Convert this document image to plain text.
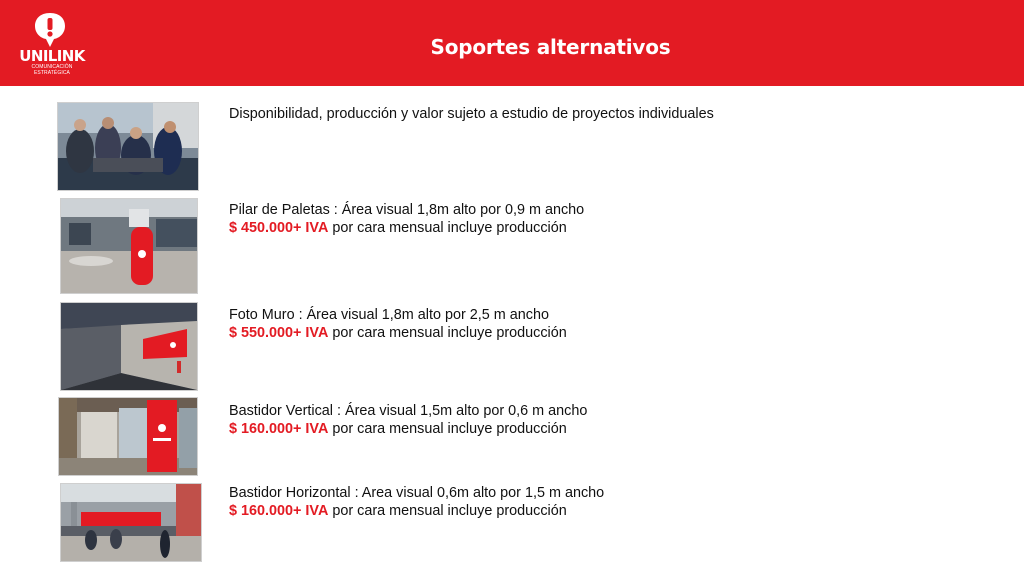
UNILINK
COMUNICACIÓN ESTRATÉGICA
Soportes alternativos
Disponibilidad, producción y valor sujeto a estudio de proyectos individuales
Pilar de Paletas : Área visual 1,8m alto por 0,9 m ancho
$ 450.000+ IVA por cara mensual incluye producción
Foto Muro : Área visual 1,8m alto por 2,5 m ancho
$ 550.000+ IVA por cara mensual incluye producción
Bastidor Vertical : Área visual 1,5m alto por 0,6 m ancho
$ 160.000+ IVA por cara mensual incluye producción
Bastidor Horizontal : Area visual 0,6m alto por 1,5 m ancho
$ 160.000+ IVA por cara mensual incluye producción
